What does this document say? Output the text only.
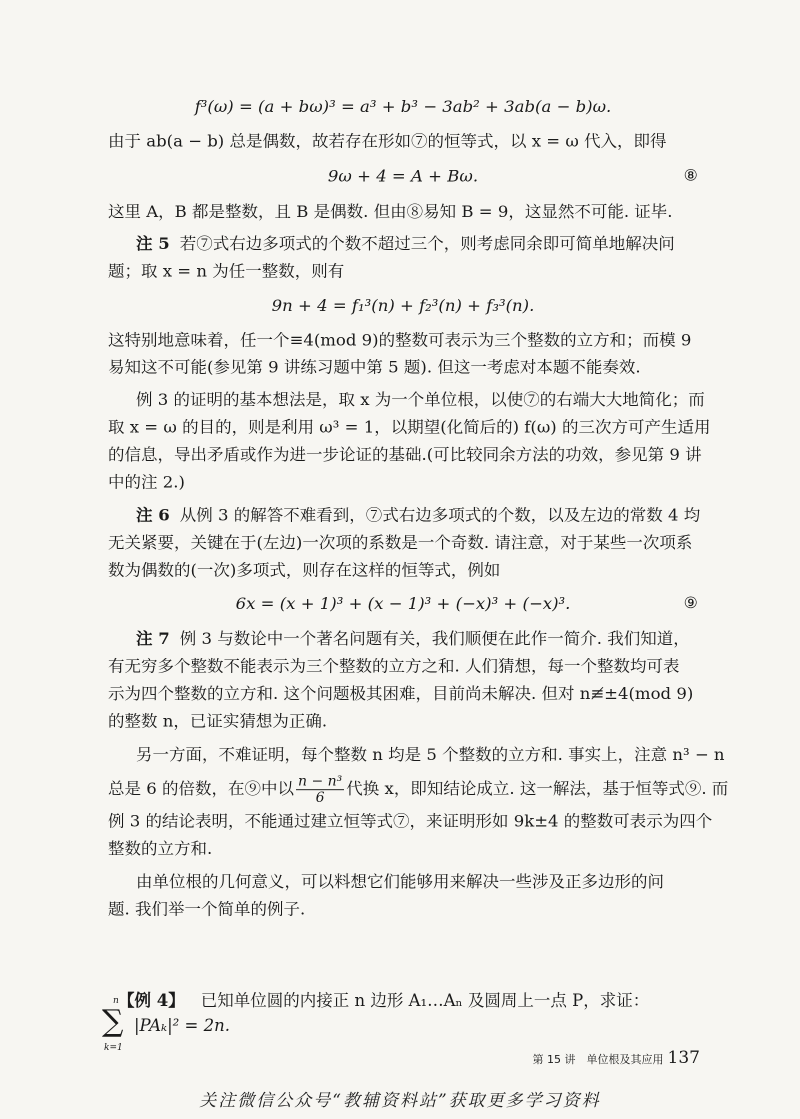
f³(ω) = (a + bω)³ = a³ + b³ − 3ab² + 3ab(a − b)ω.
由于 ab(a − b) 总是偶数，故若存在形如⑦的恒等式，以 x = ω 代入，即得
9ω + 4 = A + Bω.	⑧
这里 A，B 都是整数，且 B 是偶数. 但由⑧易知 B = 9，这显然不可能. 证毕.
注 5 若⑦式右边多项式的个数不超过三个，则考虑同余即可简单地解决问
题；取 x = n 为任一整数，则有
9n + 4 = f₁³(n) + f₂³(n) + f₃³(n).
这特别地意味着，任一个≡4(mod 9)的整数可表示为三个整数的立方和；而模 9
易知这不可能(参见第 9 讲练习题中第 5 题). 但这一考虑对本题不能奏效.
例 3 的证明的基本想法是，取 x 为一个单位根，以使⑦的右端大大地简化；而
取 x = ω 的目的，则是利用 ω³ = 1，以期望(化简后的) f(ω) 的三次方可产生适用
的信息，导出矛盾或作为进一步论证的基础.(可比较同余方法的功效，参见第 9 讲
中的注 2.)
注 6 从例 3 的解答不难看到，⑦式右边多项式的个数，以及左边的常数 4 均
无关紧要，关键在于(左边)一次项的系数是一个奇数. 请注意，对于某些一次项系
数为偶数的(一次)多项式，则存在这样的恒等式，例如
6x = (x + 1)³ + (x − 1)³ + (−x)³ + (−x)³.	⑨
注 7 例 3 与数论中一个著名问题有关，我们顺便在此作一简介. 我们知道，
有无穷多个整数不能表示为三个整数的立方之和. 人们猜想，每一个整数均可表
示为四个整数的立方和. 这个问题极其困难，目前尚未解决. 但对 n≢±4(mod 9)
的整数 n，已证实猜想为正确.
另一方面，不难证明，每个整数 n 均是 5 个整数的立方和. 事实上，注意 n³ − n
总是 6 的倍数，在⑨中以 $\frac{\text{n − n³}}{6}$ 代换 x，即知结论成立. 这一解法，基于恒等式⑨. 而
例 3 的结论表明，不能通过建立恒等式⑦，来证明形如 9k±4 的整数可表示为四个
整数的立方和.
由单位根的几何意义，可以料想它们能够用来解决一些涉及正多边形的问
题. 我们举一个简单的例子.
【例 4】 已知单位圆的内接正 n 边形 A₁…Aₙ 及圆周上一点 P，求证：
n
∑
k=1
|PAₖ|² = 2n.
第 15 讲　单位根及其应用 137
关注微信公众号“教辅资料站”获取更多学习资料
